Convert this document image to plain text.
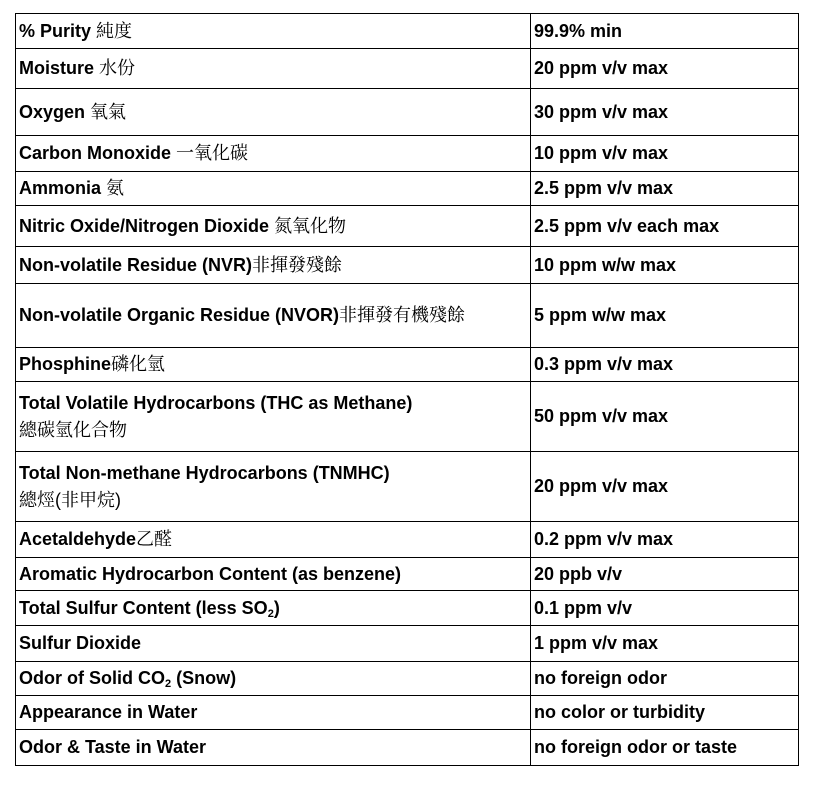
% Purity 純度	99.9% min
Moisture 水份	20 ppm v/v max
Oxygen 氧氣	30 ppm v/v max
Carbon Monoxide 一氧化碳	10 ppm v/v max
Ammonia 氨	2.5 ppm v/v max
Nitric Oxide/Nitrogen Dioxide 氮氧化物	2.5 ppm v/v each max
Non-volatile Residue (NVR)非揮發殘餘	10 ppm w/w max
Non-volatile Organic Residue (NVOR)非揮發有機殘餘	5 ppm w/w max
Phosphine磷化氫	0.3 ppm v/v max
Total Volatile Hydrocarbons (THC as Methane)
總碳氫化合物	50 ppm v/v max
Total Non-methane Hydrocarbons (TNMHC)
總烴(非甲烷)	20 ppm v/v max
Acetaldehyde乙醛	0.2 ppm v/v max
Aromatic Hydrocarbon Content (as benzene)	20 ppb v/v
Total Sulfur Content (less $SO_2$)	0.1 ppm v/v
Sulfur Dioxide	1 ppm v/v max
Odor of Solid $CO_2$ (Snow)	no foreign odor
Appearance in Water	no color or turbidity
Odor & Taste in Water	no foreign odor or taste
